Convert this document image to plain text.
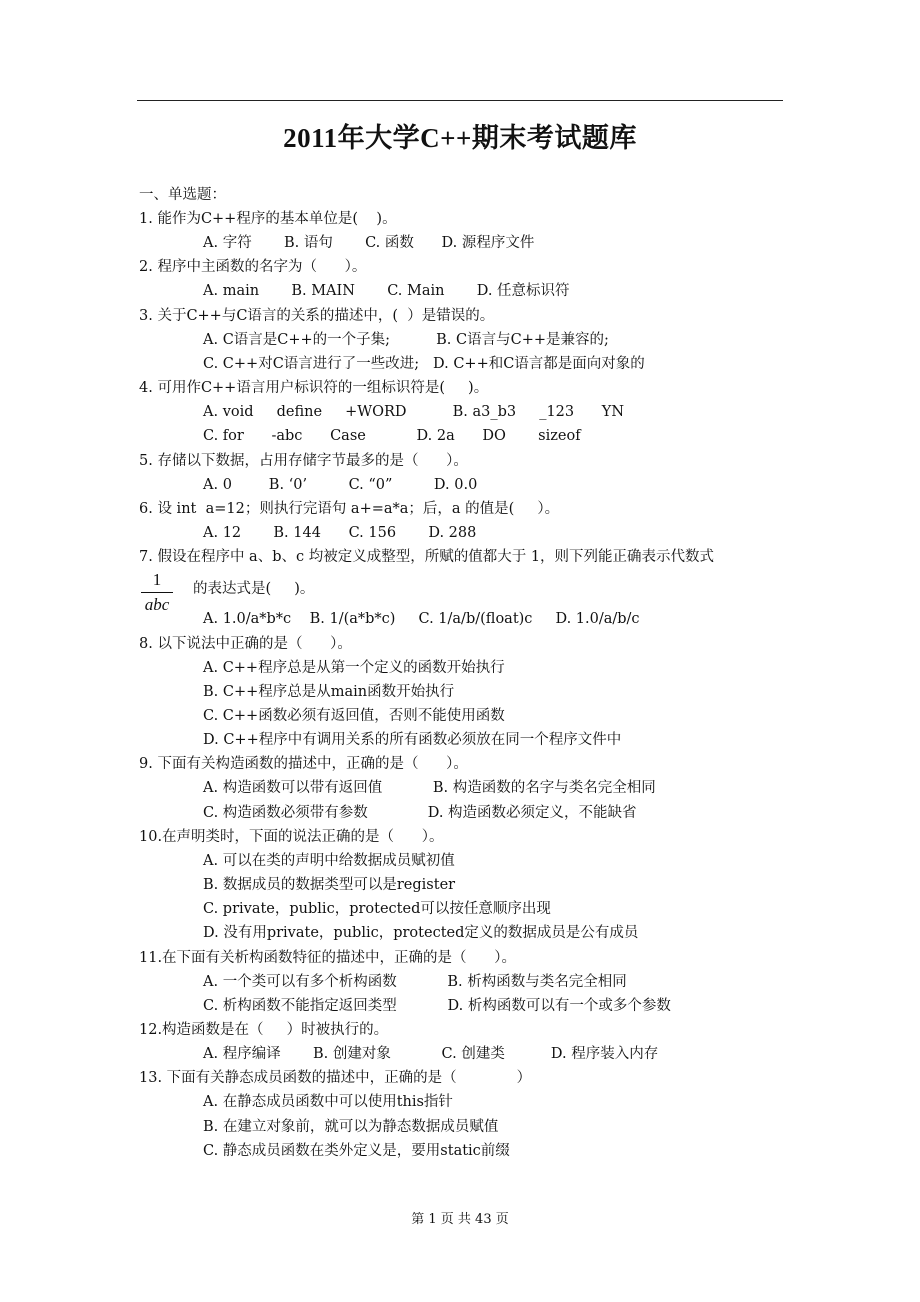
2011年大学C++期末考试题库
一、单选题：
1. 能作为C++程序的基本单位是(    )。
A. 字符       B. 语句       C. 函数      D. 源程序文件
2. 程序中主函数的名字为（      ）。
A. main       B. MAIN       C. Main       D. 任意标识符
3. 关于C++与C语言的关系的描述中，(  ）是错误的。
A. C语言是C++的一个子集;          B. C语言与C++是兼容的;
C. C++对C语言进行了一些改进;   D. C++和C语言都是面向对象的
4. 可用作C++语言用户标识符的一组标识符是(     )。
A. void     define     +WORD          B. a3_b3     _123      YN
C. for      -abc      Case           D. 2a      DO       sizeof
5. 存储以下数据，占用存储字节最多的是（      ）。
A. 0        B. ‘0’         C. “0”         D. 0.0
6. 设 int  a=12；则执行完语句 a+=a*a；后，a 的值是(     ）。
A. 12       B. 144      C. 156       D. 288
7. 假设在程序中 a、b、c 均被定义成整型，所赋的值都大于 1，则下列能正确表示代数式
的表达式是(     )。
A. 1.0/a*b*c    B. 1/(a*b*c)     C. 1/a/b/(float)c     D. 1.0/a/b/c
8. 以下说法中正确的是（      ）。
A. C++程序总是从第一个定义的函数开始执行
B. C++程序总是从main函数开始执行
C. C++函数必须有返回值，否则不能使用函数
D. C++程序中有调用关系的所有函数必须放在同一个程序文件中
9. 下面有关构造函数的描述中，正确的是（      ）。
A. 构造函数可以带有返回值           B. 构造函数的名字与类名完全相同
C. 构造函数必须带有参数             D. 构造函数必须定义，不能缺省
10.在声明类时，下面的说法正确的是（      ）。
A. 可以在类的声明中给数据成员赋初值
B. 数据成员的数据类型可以是register
C. private，public，protected可以按任意顺序出现
D. 没有用private，public，protected定义的数据成员是公有成员
11.在下面有关析构函数特征的描述中，正确的是（      ）。
A. 一个类可以有多个析构函数           B. 析构函数与类名完全相同
C. 析构函数不能指定返回类型           D. 析构函数可以有一个或多个参数
12.构造函数是在（     ）时被执行的。
A. 程序编译       B. 创建对象           C. 创建类          D. 程序装入内存
13. 下面有关静态成员函数的描述中，正确的是（             ）
A. 在静态成员函数中可以使用this指针
B. 在建立对象前，就可以为静态数据成员赋值
C. 静态成员函数在类外定义是，要用static前缀
1
abc
第 1 页 共 43 页
